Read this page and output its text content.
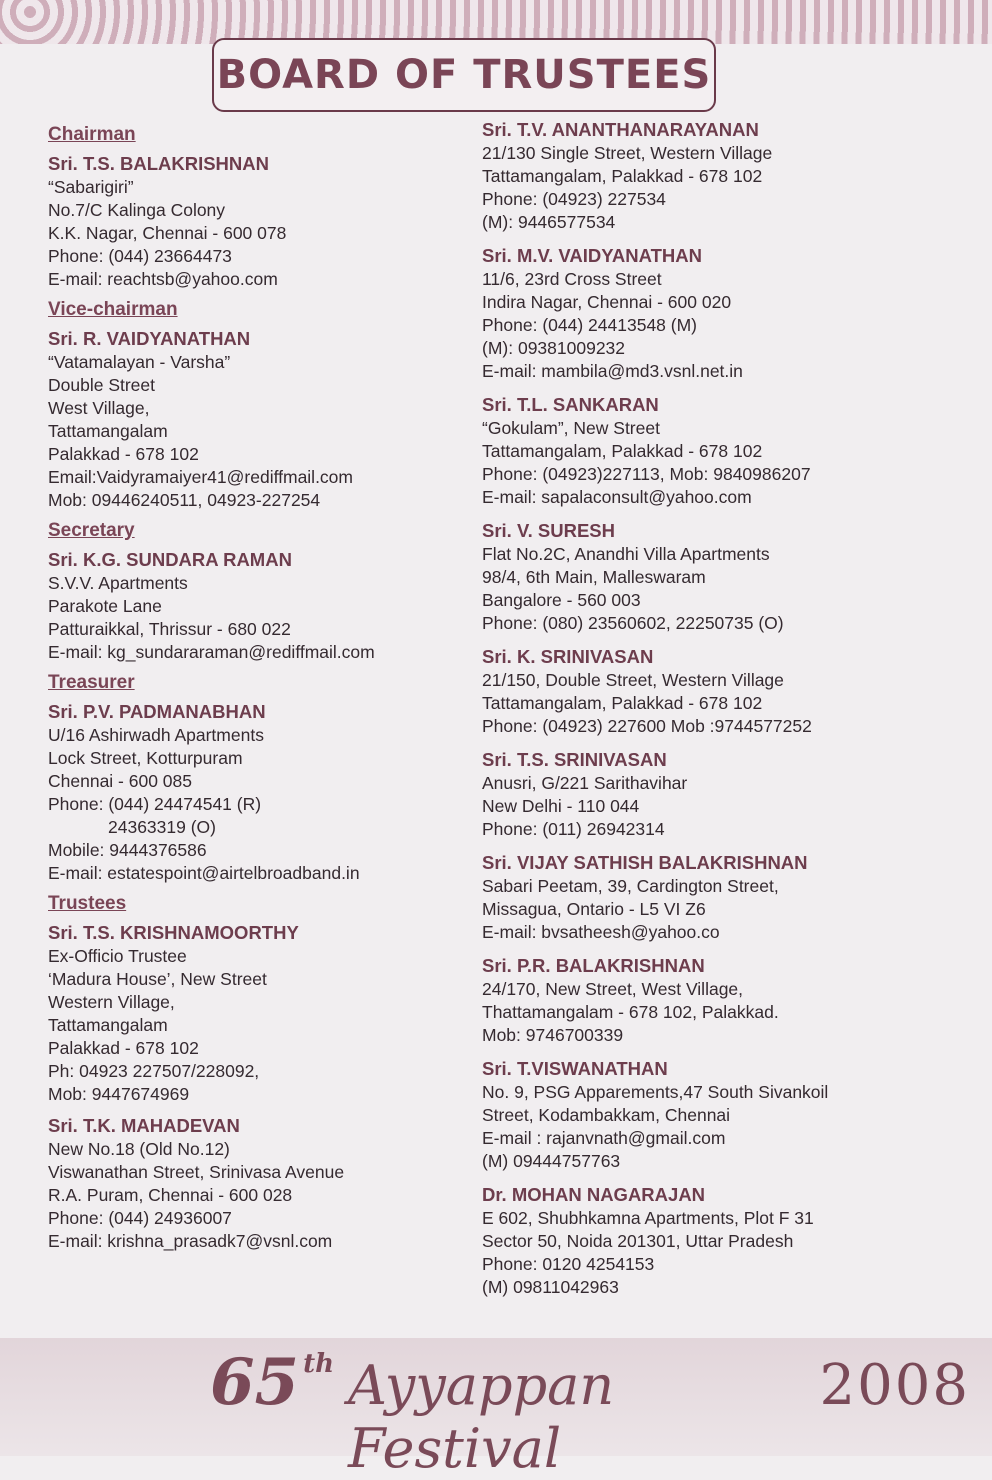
BOARD OF TRUSTEES
Chairman
Sri. T.S. BALAKRISHNAN
“Sabarigiri”
No.7/C Kalinga Colony
K.K. Nagar, Chennai - 600 078
Phone: (044) 23664473
E-mail: reachtsb@yahoo.com
Vice-chairman
Sri. R. VAIDYANATHAN
“Vatamalayan - Varsha”
Double Street
West Village,
Tattamangalam
Palakkad - 678 102
Email:Vaidyramaiyer41@rediffmail.com
Mob: 09446240511, 04923-227254
Secretary
Sri. K.G. SUNDARA RAMAN
S.V.V. Apartments
Parakote Lane
Patturaikkal, Thrissur - 680 022
E-mail: kg_sundararaman@rediffmail.com
Treasurer
Sri. P.V. PADMANABHAN
U/16 Ashirwadh Apartments
Lock Street, Kotturpuram
Chennai - 600 085
Phone: (044) 24474541 (R)
24363319 (O)
Mobile: 9444376586
E-mail: estatespoint@airtelbroadband.in
Trustees
Sri. T.S. KRISHNAMOORTHY
Ex-Officio Trustee
‘Madura House’, New Street
Western Village,
Tattamangalam
Palakkad - 678 102
Ph: 04923 227507/228092,
Mob: 9447674969
Sri. T.K. MAHADEVAN
New No.18 (Old No.12)
Viswanathan Street, Srinivasa Avenue
R.A. Puram, Chennai - 600 028
Phone: (044) 24936007
E-mail: krishna_prasadk7@vsnl.com
Sri. T.V. ANANTHANARAYANAN
21/130 Single Street, Western Village
Tattamangalam, Palakkad - 678 102
Phone: (04923) 227534
(M): 9446577534
Sri. M.V. VAIDYANATHAN
11/6, 23rd Cross Street
Indira Nagar, Chennai - 600 020
Phone: (044) 24413548 (M)
(M): 09381009232
E-mail: mambila@md3.vsnl.net.in
Sri. T.L. SANKARAN
“Gokulam”, New Street
Tattamangalam, Palakkad - 678 102
Phone: (04923)227113, Mob: 9840986207
E-mail: sapalaconsult@yahoo.com
Sri. V. SURESH
Flat No.2C, Anandhi Villa Apartments
98/4, 6th Main, Malleswaram
Bangalore - 560 003
Phone: (080) 23560602, 22250735 (O)
Sri. K. SRINIVASAN
21/150, Double Street, Western Village
Tattamangalam, Palakkad - 678 102
Phone: (04923) 227600 Mob :9744577252
Sri. T.S. SRINIVASAN
Anusri, G/221 Sarithavihar
New Delhi - 110 044
Phone: (011) 26942314
Sri. VIJAY SATHISH BALAKRISHNAN
Sabari Peetam, 39, Cardington Street,
Missagua, Ontario - L5 VI Z6
E-mail: bvsatheesh@yahoo.co
Sri. P.R. BALAKRISHNAN
24/170, New Street, West Village,
Thattamangalam - 678 102, Palakkad.
Mob: 9746700339
Sri. T.VISWANATHAN
No. 9, PSG Apparements,47 South Sivankoil
Street, Kodambakkam, Chennai
E-mail : rajanvnath@gmail.com
(M) 09444757763
Dr. MOHAN NAGARAJAN
E 602, Shubhkamna Apartments, Plot F 31
Sector 50, Noida 201301, Uttar Pradesh
Phone: 0120 4254153
(M) 09811042963
65 th Ayyappan Festival
2008
